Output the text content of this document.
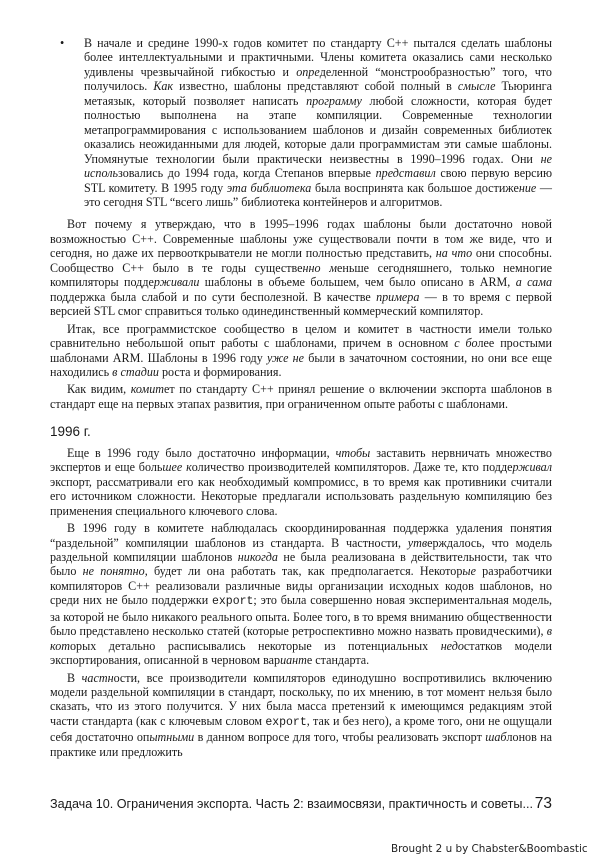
• В начале и средине 1990-х годов комитет по стандарту C++ пытался сделать шаблоны более интеллектуальными и практичными. Члены комитета оказались сами несколько удивлены чрезвычайной гибкостью и определенной “монстрообразностью” того, что получилось. Как известно, шаблоны представляют собой полный в смысле Тьюринга метаязык, который позволяет написать программу любой сложности, которая будет полностью выполнена на этапе компиляции. Современные технологии метапрограммирования с использованием шаблонов и дизайн современных библиотек оказались неожиданными для людей, которые дали программистам эти самые шаблоны. Упомянутые технологии были практически неизвестны в 1990–1996 годах. Они не использовались до 1994 года, когда Степанов впервые представил свою первую версию STL комитету. В 1995 году эта библиотека была воспринята как большое достижение — это сегодня STL “всего лишь” библиотека контейнеров и алгоритмов.

Вот почему я утверждаю, что в 1995–1996 годах шаблоны были достаточно новой возможностью C++. Современные шаблоны уже существовали почти в том же виде, что и сегодня, но даже их первооткрыватели не могли полностью представить, на что они способны. Сообщество C++ было в те годы существенно меньше сегодняшнего, только немногие компиляторы поддерживали шаблоны в объеме большем, чем было описано в ARM, а сама поддержка была слабой и по сути бесполезной. В качестве примера — в то время с первой версией STL смог справиться только одинединственный коммерческий компилятор.

Итак, все программистское сообщество в целом и комитет в частности имели только сравнительно небольшой опыт работы с шаблонами, причем в основном с более простыми шаблонами ARM. Шаблоны в 1996 году уже не были в зачаточном состоянии, но они все еще находились в стадии роста и формирования.

Как видим, комитет по стандарту C++ принял решение о включении экспорта шаблонов в стандарт еще на первых этапах развития, при ограниченном опыте работы с шаблонами.

1996 г.

Еще в 1996 году было достаточно информации, чтобы заставить нервничать множество экспертов и еще большее количество производителей компиляторов. Даже те, кто поддерживал экспорт, рассматривали его как необходимый компромисс, в то время как противники считали его источником сложности. Некоторые предлагали использовать раздельную компиляцию без применения специального ключевого слова.

В 1996 году в комитете наблюдалась скоординированная поддержка удаления понятия “раздельной” компиляции шаблонов из стандарта. В частности, утверждалось, что модель раздельной компиляции шаблонов никогда не была реализована в действительности, так что было не понятно, будет ли она работать так, как предполагается. Некоторые разработчики компиляторов C++ реализовали различные виды организации исходных кодов шаблонов, но среди них не было поддержки export; это была совершенно новая экспериментальная модель, за которой не было никакого реального опыта. Более того, в то время вниманию общественности было представлено несколько статей (которые ретроспективно можно назвать провидческими), в которых детально расписывались некоторые из потенциальных недостатков модели экспортирования, описанной в черновом варианте стандарта.

В частности, все производители компиляторов единодушно воспротивились включению модели раздельной компиляции в стандарт, поскольку, по их мнению, в тот момент нельзя было сказать, что из этого получится. У них была масса претензий к имеющимся редакциям этой части стандарта (как с ключевым словом export, так и без него), а кроме того, они не ощущали себя достаточно опытными в данном вопросе для того, чтобы реализовать экспорт шаблонов на практике или предложить

Задача 10. Ограничения экспорта. Часть 2: взаимосвязи, практичность и советы... 73
Brought 2 u by Chabster&Boombastic
